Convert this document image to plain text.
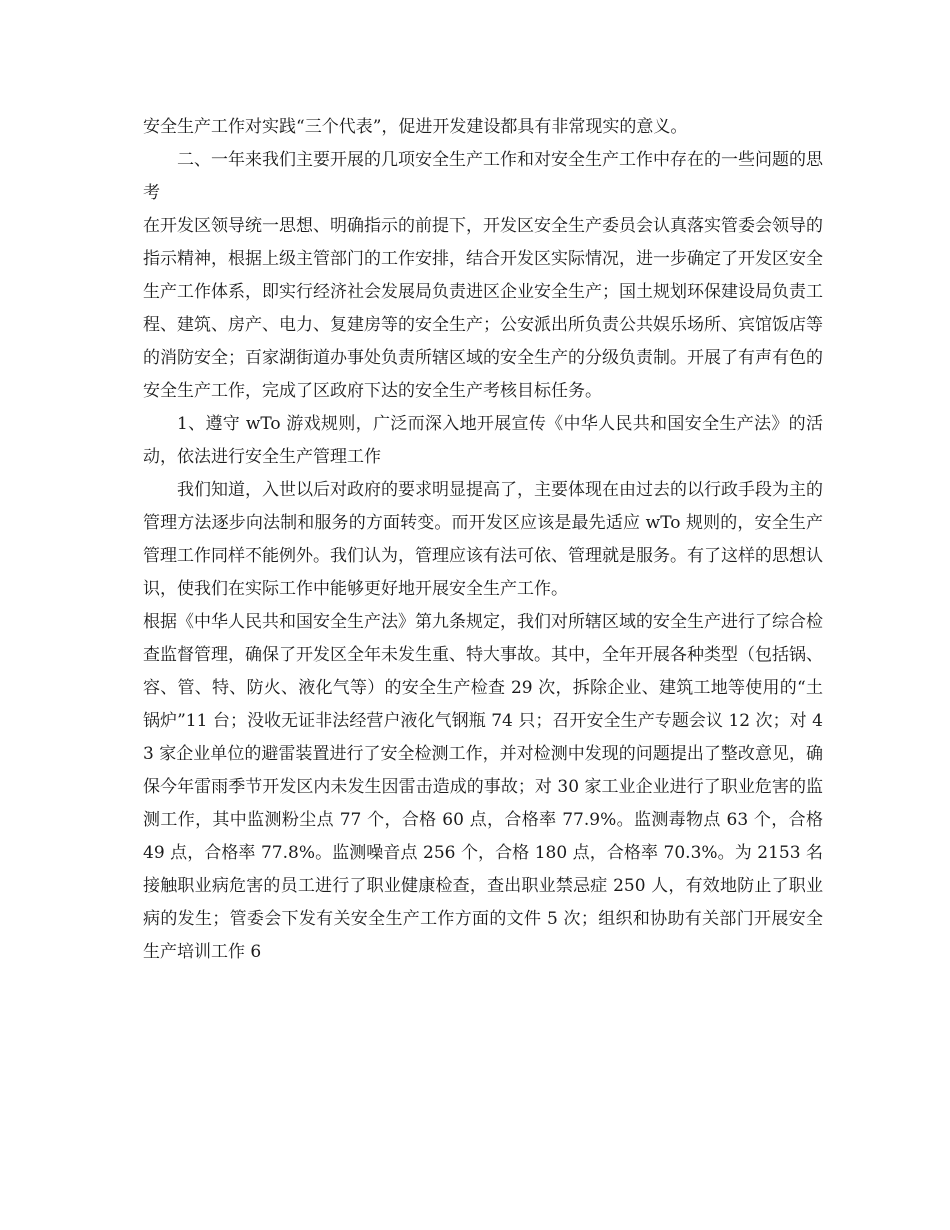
安全生产工作对实践“三个代表”，促进开发建设都具有非常现实的意义。

二、一年来我们主要开展的几项安全生产工作和对安全生产工作中存在的一些问题的思考

在开发区领导统一思想、明确指示的前提下，开发区安全生产委员会认真落实管委会领导的指示精神，根据上级主管部门的工作安排，结合开发区实际情况，进一步确定了开发区安全生产工作体系，即实行经济社会发展局负责进区企业安全生产；国土规划环保建设局负责工程、建筑、房产、电力、复建房等的安全生产；公安派出所负责公共娱乐场所、宾馆饭店等的消防安全；百家湖街道办事处负责所辖区域的安全生产的分级负责制。开展了有声有色的安全生产工作，完成了区政府下达的安全生产考核目标任务。

1、遵守 wTo 游戏规则，广泛而深入地开展宣传《中华人民共和国安全生产法》的活动，依法进行安全生产管理工作

我们知道，入世以后对政府的要求明显提高了，主要体现在由过去的以行政手段为主的管理方法逐步向法制和服务的方面转变。而开发区应该是最先适应 wTo 规则的，安全生产管理工作同样不能例外。我们认为，管理应该有法可依、管理就是服务。有了这样的思想认识，使我们在实际工作中能够更好地开展安全生产工作。

根据《中华人民共和国安全生产法》第九条规定，我们对所辖区域的安全生产进行了综合检查监督管理，确保了开发区全年未发生重、特大事故。其中，全年开展各种类型（包括锅、容、管、特、防火、液化气等）的安全生产检查 29 次，拆除企业、建筑工地等使用的“土锅炉”11 台；没收无证非法经营户液化气钢瓶 74 只；召开安全生产专题会议 12 次；对 43 家企业单位的避雷装置进行了安全检测工作，并对检测中发现的问题提出了整改意见，确保今年雷雨季节开发区内未发生因雷击造成的事故；对 30 家工业企业进行了职业危害的监测工作，其中监测粉尘点 77 个，合格 60 点，合格率 77.9%。监测毒物点 63 个，合格 49 点，合格率 77.8%。监测噪音点 256 个，合格 180 点，合格率 70.3%。为 2153 名接触职业病危害的员工进行了职业健康检查，查出职业禁忌症 250 人，有效地防止了职业病的发生；管委会下发有关安全生产工作方面的文件 5 次；组织和协助有关部门开展安全生产培训工作 6
